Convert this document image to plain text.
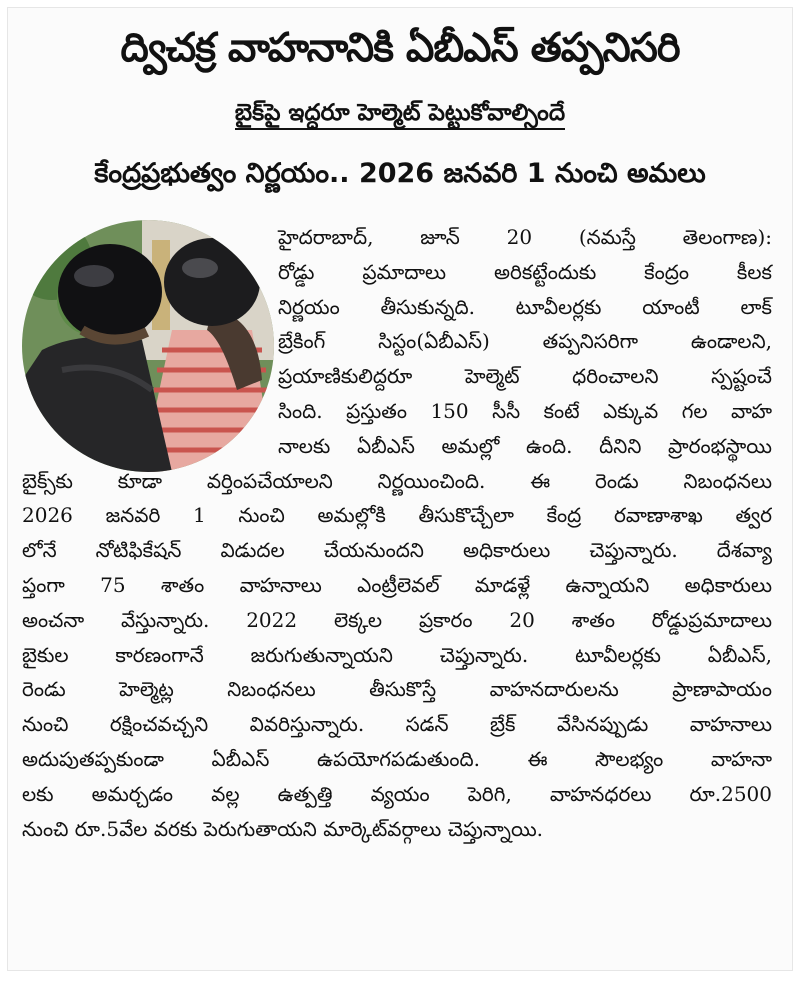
ద్విచక్ర వాహనానికి ఏబీఎస్ తప్పనిసరి
బైక్‌పై ఇద్దరూ హెల్మెట్ పెట్టుకోవాల్సిందే
కేంద్రప్రభుత్వం నిర్ణయం.. 2026 జనవరి 1 నుంచి అమలు
హైదరాబాద్, జూన్ 20 (నమస్తే తెలంగాణ):
రోడ్డు ప్రమాదాలు అరికట్టేందుకు కేంద్రం కీలక
నిర్ణయం తీసుకున్నది. టూవీలర్లకు యాంటీ లాక్
బ్రేకింగ్ సిస్టం(ఏబీఎస్) తప్పనిసరిగా ఉండాలని,
ప్రయాణికులిద్దరూ హెల్మెట్ ధరించాలని స్పష్టంచే
సింది. ప్రస్తుతం 150 సీసీ కంటే ఎక్కువ గల వాహ
నాలకు ఏబీఎస్ అమల్లో ఉంది. దీనిని ప్రారంభస్థాయి
బైక్స్‌కు కూడా వర్తింపచేయాలని నిర్ణయించింది. ఈ రెండు నిబంధనలు
2026 జనవరి 1 నుంచి అమల్లోకి తీసుకొచ్చేలా కేంద్ర రవాణాశాఖ త్వర
లోనే నోటిఫికేషన్ విడుదల చేయనుందని అధికారులు చెప్తున్నారు. దేశవ్యా
ప్తంగా 75 శాతం వాహనాలు ఎంట్రీలెవల్ మాడళ్లే ఉన్నాయని అధికారులు
అంచనా వేస్తున్నారు. 2022 లెక్కల ప్రకారం 20 శాతం రోడ్డుప్రమాదాలు
బైకుల కారణంగానే జరుగుతున్నాయని చెప్తున్నారు. టూవీలర్లకు ఏబీఎస్,
రెండు హెల్మెట్ల నిబంధనలు తీసుకొస్తే వాహనదారులను ప్రాణాపాయం
నుంచి రక్షించవచ్చని వివరిస్తున్నారు. సడన్ బ్రేక్ వేసినప్పుడు వాహనాలు
అదుపుతప్పకుండా ఏబీఎస్ ఉపయోగపడుతుంది. ఈ సౌలభ్యం వాహనా
లకు అమర్చడం వల్ల ఉత్పత్తి వ్యయం పెరిగి, వాహనధరలు రూ.2500
నుంచి రూ.5వేల వరకు పెరుగుతాయని మార్కెట్‌వర్గాలు చెప్తున్నాయి.
